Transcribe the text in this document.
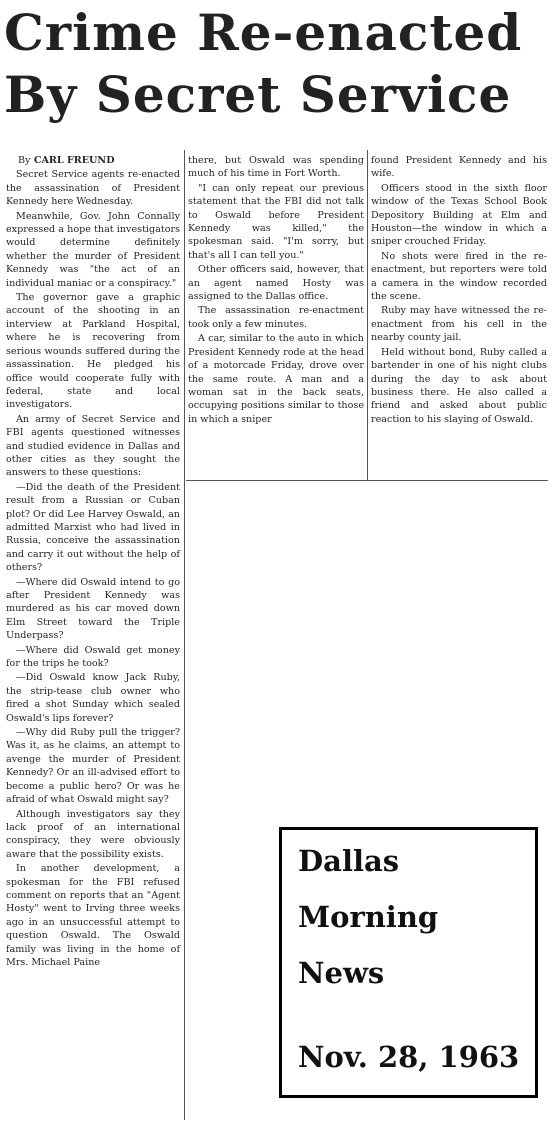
Crime Re-enacted
By Secret Service
By CARL FREUND

Secret Service agents re-enacted the assassination of President Kennedy here Wednesday.

Meanwhile, Gov. John Connally expressed a hope that investigators would determine definitely whether the murder of President Kennedy was "the act of an individual maniac or a conspiracy."

The governor gave a graphic account of the shooting in an interview at Parkland Hospital, where he is recovering from serious wounds suffered during the assassination. He pledged his office would cooperate fully with federal, state and local investigators.

An army of Secret Service and FBI agents questioned witnesses and studied evidence in Dallas and other cities as they sought the answers to these questions:

—Did the death of the President result from a Russian or Cuban plot? Or did Lee Harvey Oswald, an admitted Marxist who had lived in Russia, conceive the assassination and carry it out without the help of others?

—Where did Oswald intend to go after President Kennedy was murdered as his car moved down Elm Street toward the Triple Underpass?

—Where did Oswald get money for the trips he took?

—Did Oswald know Jack Ruby, the strip-tease club owner who fired a shot Sunday which sealed Oswald's lips forever?

—Why did Ruby pull the trigger? Was it, as he claims, an attempt to avenge the murder of President Kennedy? Or an ill-advised effort to become a public hero? Or was he afraid of what Oswald might say?

Although investigators say they lack proof of an international conspiracy, they were obviously aware that the possibility exists.

In another development, a spokesman for the FBI refused comment on reports that an "Agent Hosty" went to Irving three weeks ago in an unsuccessful attempt to question Oswald. The Oswald family was living in the home of Mrs. Michael Paine

there, but Oswald was spending much of his time in Fort Worth.

"I can only repeat our previous statement that the FBI did not talk to Oswald before President Kennedy was killed," the spokesman said. "I'm sorry, but that's all I can tell you."

Other officers said, however, that an agent named Hosty was assigned to the Dallas office.

The assassination re-enactment took only a few minutes.

A car, similar to the auto in which President Kennedy rode at the head of a motorcade Friday, drove over the same route. A man and a woman sat in the back seats, occupying positions similar to those in which a sniper

found President Kennedy and his wife.

Officers stood in the sixth floor window of the Texas School Book Depository Building at Elm and Houston—the window in which a sniper crouched Friday.

No shots were fired in the re-enactment, but reporters were told a camera in the window recorded the scene.

Ruby may have witnessed the re-enactment from his cell in the nearby county jail.

Held without bond, Ruby called a bartender in one of his night clubs during the day to ask about business there. He also called a friend and asked about public reaction to his slaying of Oswald.

Dallas
Morning
News
Nov. 28, 1963
